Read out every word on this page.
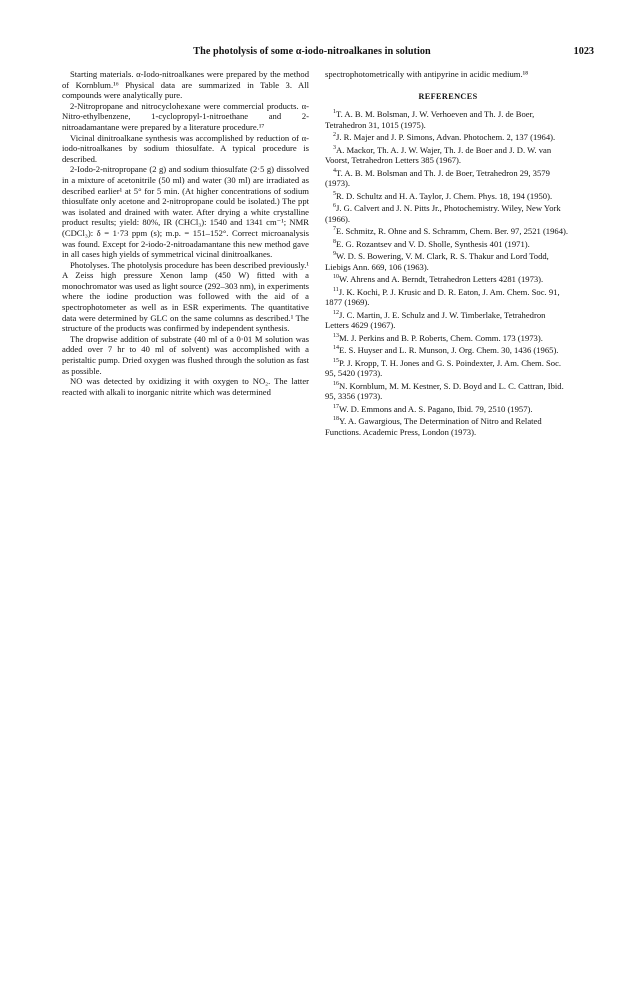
The photolysis of some α-iodo-nitroalkanes in solution	1023

Starting materials. α-Iodo-nitroalkanes were prepared by the method of Kornblum.¹⁶ Physical data are summarized in Table 3. All compounds were analytically pure.

2-Nitropropane and nitrocyclohexane were commercial products. α-Nitro-ethylbenzene, 1-cyclopropyl-1-nitroethane and 2-nitroadamantane were prepared by a literature procedure.¹⁷

Vicinal dinitroalkane synthesis was accomplished by reduction of α-iodo-nitroalkanes by sodium thiosulfate. A typical procedure is described.

2-Iodo-2-nitropropane (2 g) and sodium thiosulfate (2·5 g) dissolved in a mixture of acetonitrile (50 ml) and water (30 ml) are irradiated as described earlier¹ at 5° for 5 min. (At higher concentrations of sodium thiosulfate only acetone and 2-nitropropane could be isolated.) The ppt was isolated and drained with water. After drying a white crystalline product results; yield: 80%, IR (CHCl₃): 1540 and 1341 cm⁻¹; NMR (CDCl₃): δ = 1·73 ppm (s); m.p. = 151–152°. Correct microanalysis was found. Except for 2-iodo-2-nitroadamantane this new method gave in all cases high yields of symmetrical vicinal dinitroalkanes.

Photolyses. The photolysis procedure has been described previously.¹ A Zeiss high pressure Xenon lamp (450 W) fitted with a monochromator was used as light source (292–303 nm), in experiments where the iodine production was followed with the aid of a spectrophotometer as well as in ESR experiments. The quantitative data were determined by GLC on the same columns as described.¹ The structure of the products was confirmed by independent synthesis.

The dropwise addition of substrate (40 ml of a 0·01 M solution was added over 7 hr to 40 ml of solvent) was accomplished with a peristaltic pump. Dried oxygen was flushed through the solution as fast as possible.

NO was detected by oxidizing it with oxygen to NO₂. The latter reacted with alkali to inorganic nitrite which was determined

spectrophotometrically with antipyrine in acidic medium.¹⁸

REFERENCES

$^1$T. A. B. M. Bolsman, J. W. Verhoeven and Th. J. de Boer, Tetrahedron 31, 1015 (1975).

$^2$J. R. Majer and J. P. Simons, Advan. Photochem. 2, 137 (1964).

$^3$A. Mackor, Th. A. J. W. Wajer, Th. J. de Boer and J. D. W. van Voorst, Tetrahedron Letters 385 (1967).

$^4$T. A. B. M. Bolsman and Th. J. de Boer, Tetrahedron 29, 3579 (1973).

$^5$R. D. Schultz and H. A. Taylor, J. Chem. Phys. 18, 194 (1950).

$^6$J. G. Calvert and J. N. Pitts Jr., Photochemistry. Wiley, New York (1966).

$^7$E. Schmitz, R. Ohne and S. Schramm, Chem. Ber. 97, 2521 (1964).

$^8$E. G. Rozantsev and V. D. Sholle, Synthesis 401 (1971).

$^9$W. D. S. Bowering, V. M. Clark, R. S. Thakur and Lord Todd, Liebigs Ann. 669, 106 (1963).

$^{10}$W. Ahrens and A. Berndt, Tetrahedron Letters 4281 (1973).

$^{11}$J. K. Kochi, P. J. Krusic and D. R. Eaton, J. Am. Chem. Soc. 91, 1877 (1969).

$^{12}$J. C. Martin, J. E. Schulz and J. W. Timberlake, Tetrahedron Letters 4629 (1967).

$^{13}$M. J. Perkins and B. P. Roberts, Chem. Comm. 173 (1973).

$^{14}$E. S. Huyser and L. R. Munson, J. Org. Chem. 30, 1436 (1965).

$^{15}$P. J. Kropp, T. H. Jones and G. S. Poindexter, J. Am. Chem. Soc. 95, 5420 (1973).

$^{16}$N. Kornblum, M. M. Kestner, S. D. Boyd and L. C. Cattran, Ibid. 95, 3356 (1973).

$^{17}$W. D. Emmons and A. S. Pagano, Ibid. 79, 2510 (1957).

$^{18}$Y. A. Gawargious, The Determination of Nitro and Related Functions. Academic Press, London (1973).
